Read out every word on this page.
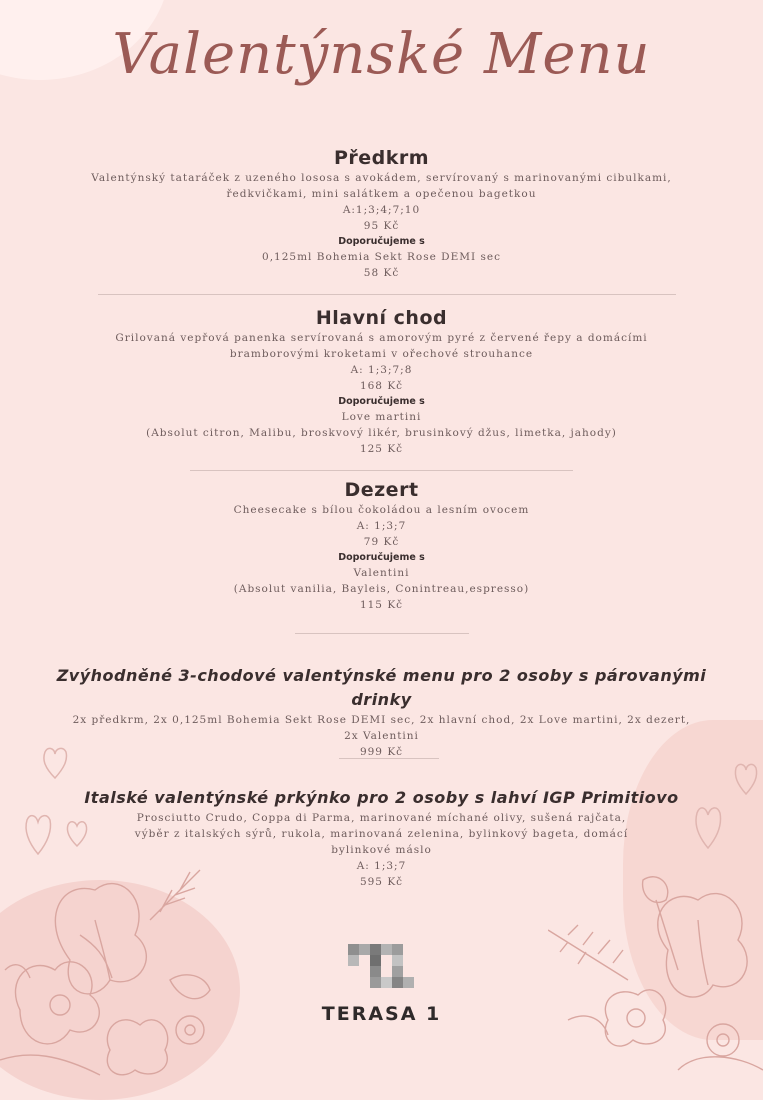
Valentýnské Menu
Předkrm
Valentýnský tataráček z uzeného lososa s avokádem, servírovaný s marinovanými cibulkami,
ředkvičkami, mini salátkem a opečenou bagetkou
A:1;3;4;7;10
95 Kč
Doporučujeme s
0,125ml Bohemia Sekt Rose DEMI sec
58 Kč
Hlavní chod
Grilovaná vepřová panenka servírovaná s amorovým pyré z červené řepy a domácími
bramborovými kroketami v ořechové strouhance
A: 1;3;7;8
168 Kč
Doporučujeme s
Love martini
(Absolut citron, Malibu, broskvový likér, brusinkový džus, limetka, jahody)
125 Kč
Dezert
Cheesecake s bílou čokoládou a lesním ovocem
A: 1;3;7
79 Kč
Doporučujeme s
Valentini
(Absolut vanilia, Bayleis, Conintreau,espresso)
115 Kč
Zvýhodněné 3-chodové valentýnské menu pro 2 osoby s párovanými drinky
2x předkrm, 2x 0,125ml Bohemia Sekt Rose DEMI sec, 2x hlavní chod, 2x Love martini, 2x dezert,
2x Valentini
999 Kč
Italské valentýnské prkýnko pro 2 osoby s lahví IGP Primitiovo
Prosciutto Crudo, Coppa di Parma, marinované míchané olivy, sušená rajčata,
výběr z italských sýrů, rukola, marinovaná zelenina, bylinkový bageta, domácí
bylinkové máslo
A: 1;3;7
595 Kč
TERASA 1
